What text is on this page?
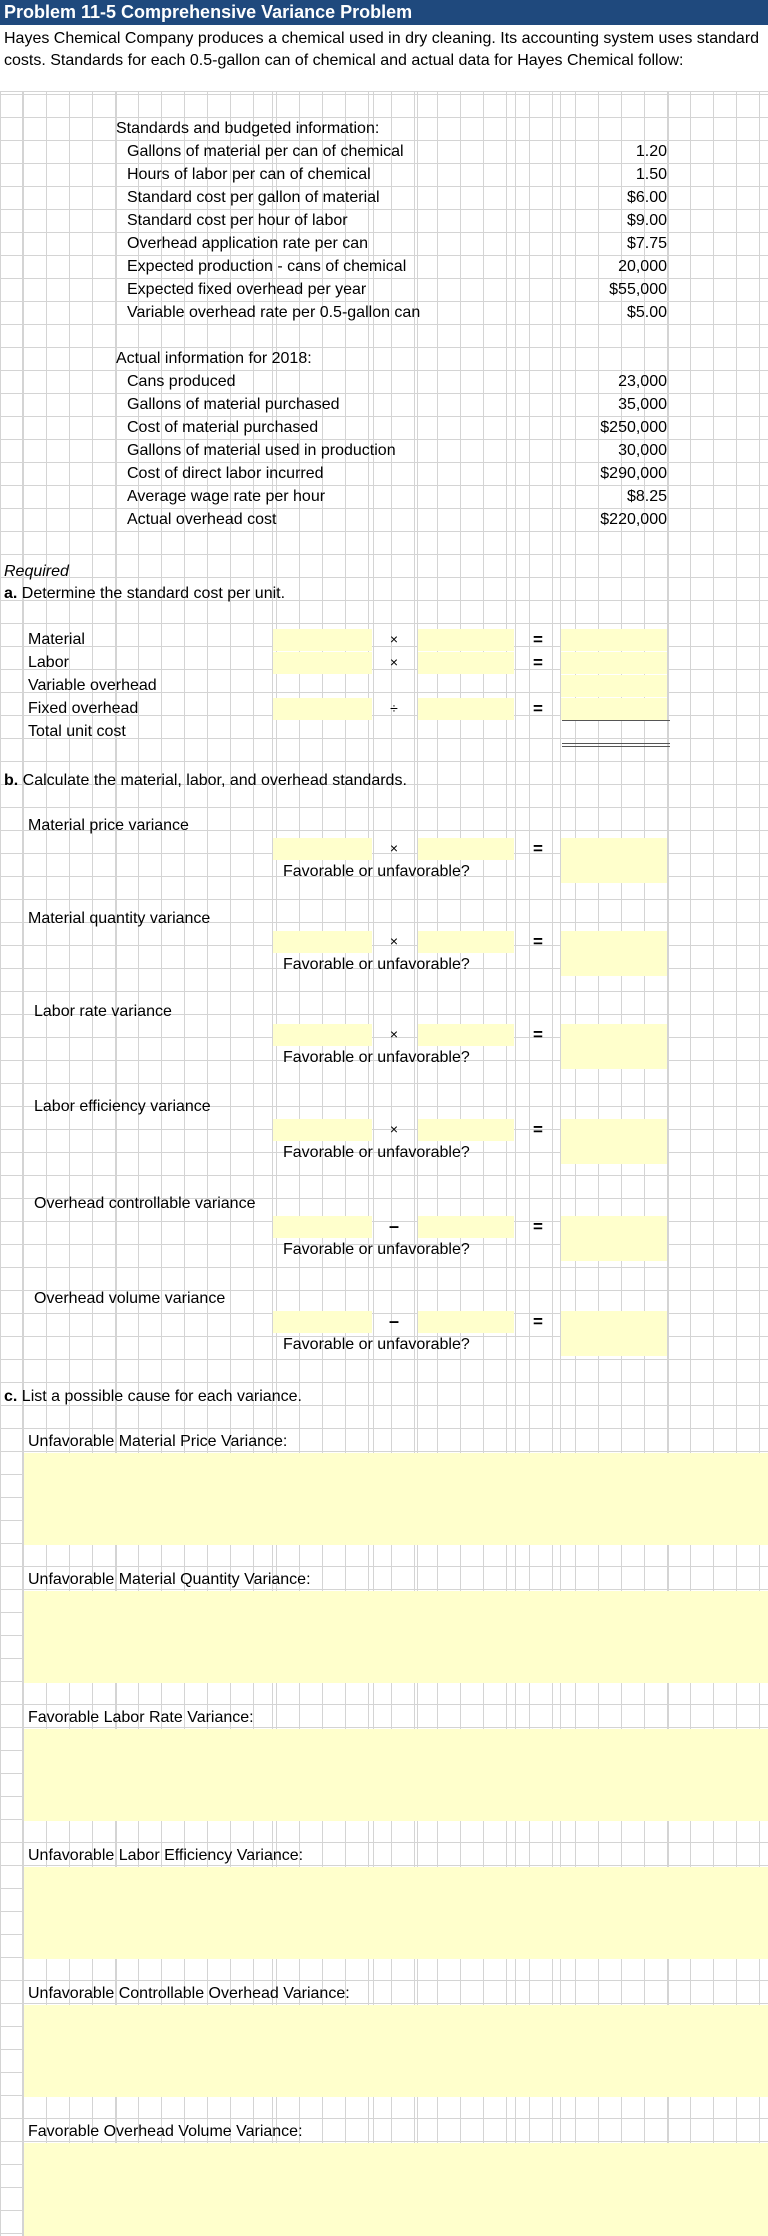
Problem 11-5 Comprehensive Variance Problem
Hayes Chemical Company produces a chemical used in dry cleaning. Its accounting system uses standard costs. Standards for each 0.5-gallon can of chemical and actual data for Hayes Chemical follow:
Standards and budgeted information:
Gallons of material per can of chemical	1.20
Hours of labor per can of chemical	1.50
Standard cost per gallon of material	$6.00
Standard cost per hour of labor	$9.00
Overhead application rate per can	$7.75
Expected production - cans of chemical	20,000
Expected fixed overhead per year	$55,000
Variable overhead rate per 0.5-gallon can	$5.00
Actual information for 2018:
Cans produced	23,000
Gallons of material purchased	35,000
Cost of material purchased	$250,000
Gallons of material used in production	30,000
Cost of direct labor incurred	$290,000
Average wage rate per hour	$8.25
Actual overhead cost	$220,000
Required
a. Determine the standard cost per unit.
Material	×	=
Labor	×	=
Variable overhead
Fixed overhead	÷	=
Total unit cost
b. Calculate the material, labor, and overhead standards.
Material price variance
×	=
Favorable or unfavorable?
Material quantity variance
×	=
Favorable or unfavorable?
Labor rate variance
×	=
Favorable or unfavorable?
Labor efficiency variance
×	=
Favorable or unfavorable?
Overhead controllable variance
–	=
Favorable or unfavorable?
Overhead volume variance
–	=
Favorable or unfavorable?
c. List a possible cause for each variance.
Unfavorable Material Price Variance:
Unfavorable Material Quantity Variance:
Favorable Labor Rate Variance:
Unfavorable Labor Efficiency Variance:
Unfavorable Controllable Overhead Variance:
Favorable Overhead Volume Variance:
